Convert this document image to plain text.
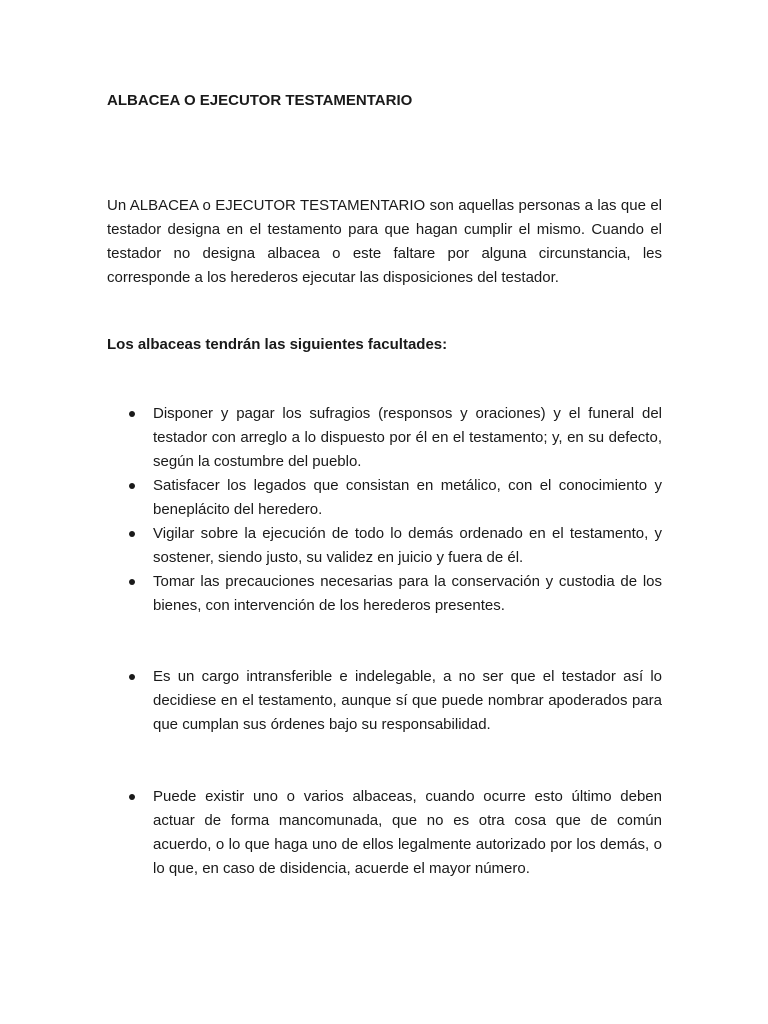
ALBACEA O EJECUTOR TESTAMENTARIO

Un ALBACEA o EJECUTOR TESTAMENTARIO son aquellas personas a las que el testador designa en el testamento para que hagan cumplir el mismo. Cuando el testador no designa albacea o este faltare por alguna circunstancia, les corresponde a los herederos ejecutar las disposiciones del testador.

Los albaceas tendrán las siguientes facultades:
Disponer y pagar los sufragios (responsos y oraciones) y el funeral del testador con arreglo a lo dispuesto por él en el testamento; y, en su defecto, según la costumbre del pueblo.
Satisfacer los legados que consistan en metálico, con el conocimiento y beneplácito del heredero.
Vigilar sobre la ejecución de todo lo demás ordenado en el testamento, y sostener, siendo justo, su validez en juicio y fuera de él.
Tomar las precauciones necesarias para la conservación y custodia de los bienes, con intervención de los herederos presentes.
Es un cargo intransferible e indelegable, a no ser que el testador así lo decidiese en el testamento, aunque sí que puede nombrar apoderados para que cumplan sus órdenes bajo su responsabilidad.
Puede existir uno o varios albaceas, cuando ocurre esto último deben actuar de forma mancomunada, que no es otra cosa que de común acuerdo, o lo que haga uno de ellos legalmente autorizado por los demás, o lo que, en caso de disidencia, acuerde el mayor número.
